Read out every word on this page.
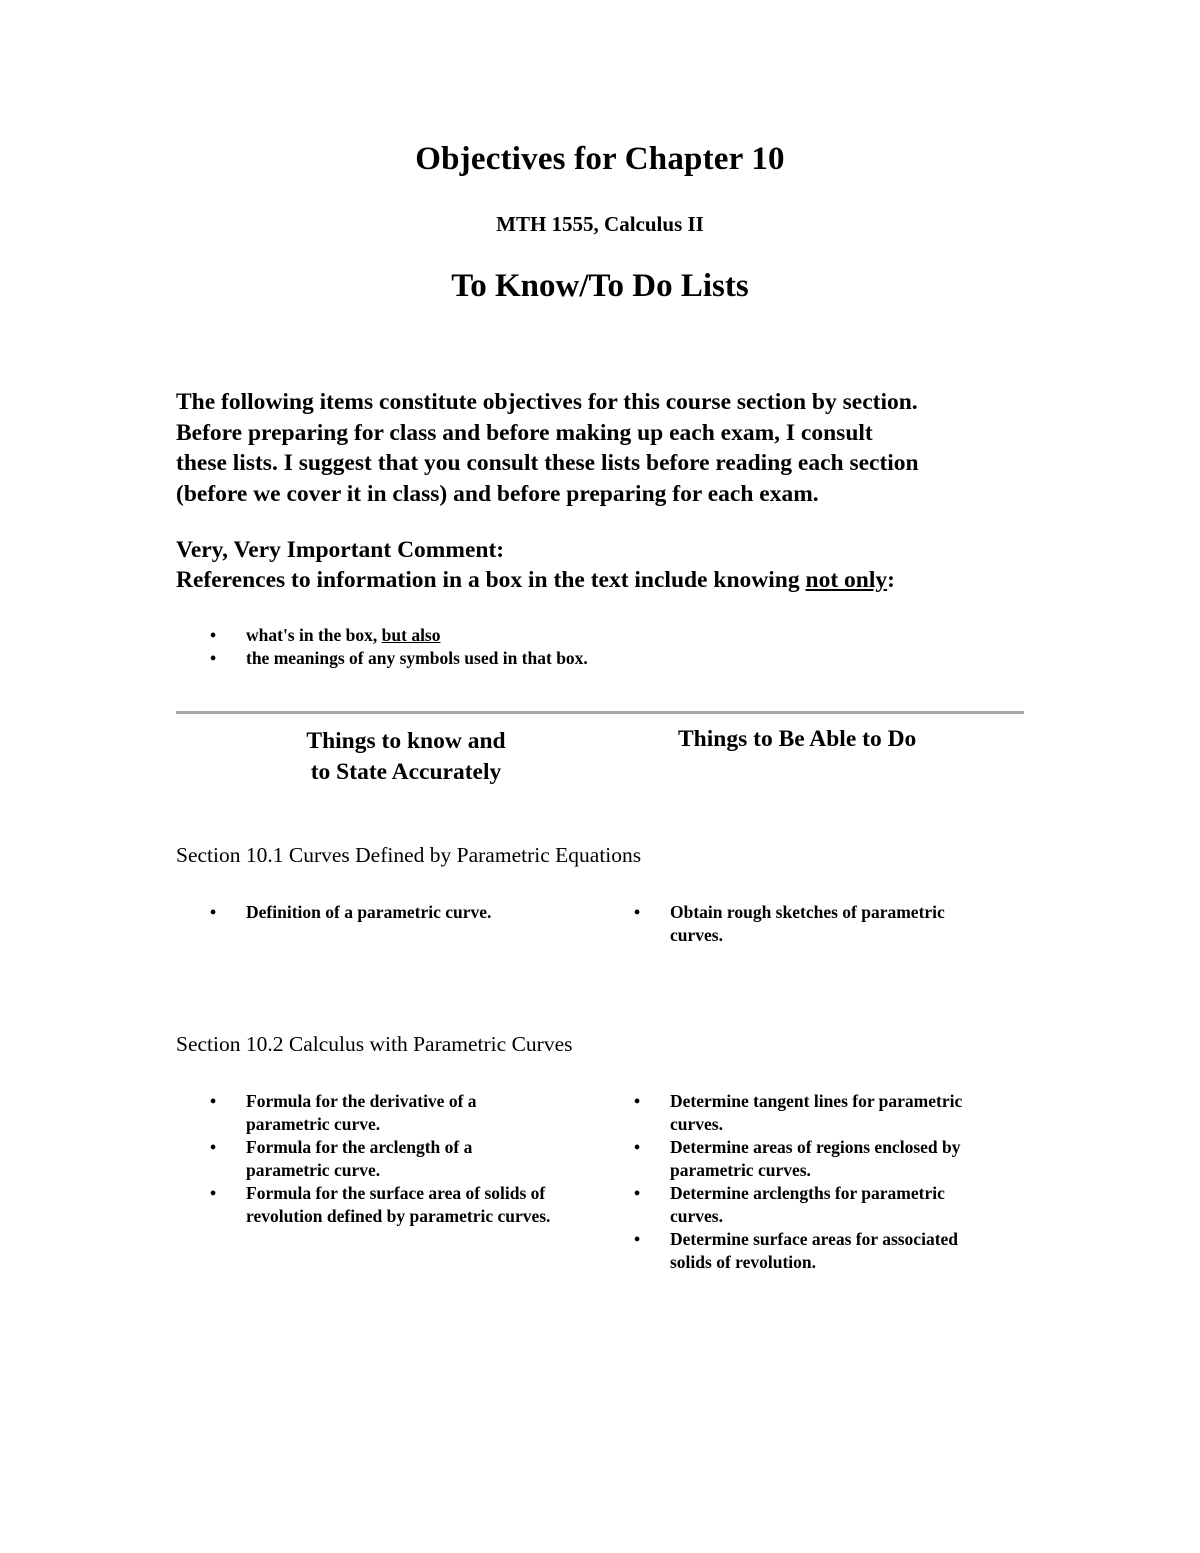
Objectives for Chapter 10
MTH 1555, Calculus II
To Know/To Do Lists

The following items constitute objectives for this course section by section.
Before preparing for class and before making up each exam, I consult
these lists. I suggest that you consult these lists before reading each section
(before we cover it in class) and before preparing for each exam.

Very, Very Important Comment:
References to information in a box in the text include knowing not only:
• what's in the box, but also
• the meanings of any symbols used in that box.
Things to know and
to State Accurately
Things to Be Able to Do
Section 10.1 Curves Defined by Parametric Equations
• Definition of a parametric curve.	• Obtain rough sketches of parametric
curves.
Section 10.2 Calculus with Parametric Curves
• Formula for the derivative of a
parametric curve.
• Formula for the arclength of a
parametric curve.
• Formula for the surface area of solids of
revolution defined by parametric curves.
• Determine tangent lines for parametric
curves.
• Determine areas of regions enclosed by
parametric curves.
• Determine arclengths for parametric
curves.
• Determine surface areas for associated
solids of revolution.
